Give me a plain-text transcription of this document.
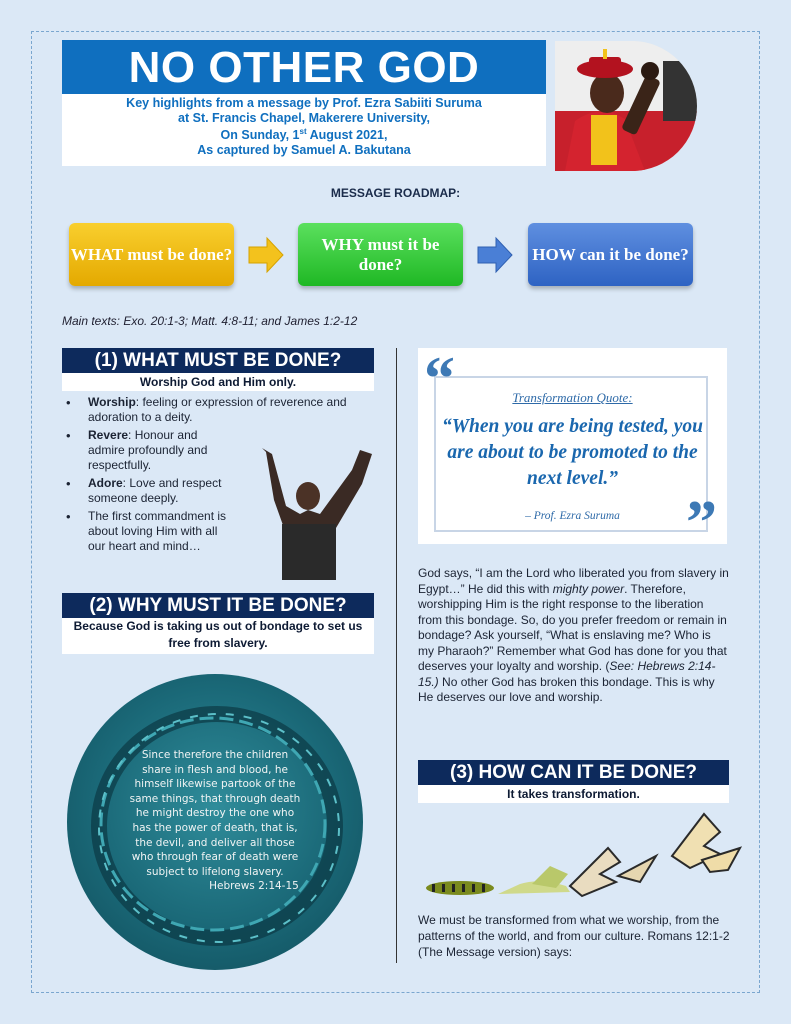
NO OTHER GOD
Key highlights from a message by Prof. Ezra Sabiiti Suruma
at St. Francis Chapel, Makerere University,
On Sunday, 1st August 2021,
As captured by Samuel A. Bakutana
MESSAGE ROADMAP:
WHAT must be done?
WHY must it be done?
HOW can it be done?
Main texts: Exo. 20:1-3; Matt. 4:8-11; and James 1:2-12
(1) WHAT MUST BE DONE?
Worship God and Him only.
• Worship: feeling or expression of reverence and adoration to a deity.
• Revere: Honour and admire profoundly and respectfully.
• Adore: Love and respect someone deeply.
• The first commandment is about loving Him with all our heart and mind…
(2) WHY MUST IT BE DONE?
Because God is taking us out of bondage to set us free from slavery.
Since therefore the children
share in flesh and blood, he
himself likewise partook of the
same things, that through death
he might destroy the one who
has the power of death, that is,
the devil, and deliver all those
who through fear of death were
subject to lifelong slavery.
Hebrews 2:14-15
“	Transformation Quote:
“When you are being tested, you are about to be promoted to the next level.”
– Prof. Ezra Suruma	”
God says, “I am the Lord who liberated you from slavery in Egypt…” He did this with mighty power. Therefore, worshipping Him is the right response to the liberation from this bondage. So, do you prefer freedom or remain in bondage? Ask yourself, “What is enslaving me? Who is my Pharaoh?” Remember what God has done for you that deserves your loyalty and worship. (See: Hebrews 2:14-15.) No other God has broken this bondage. This is why He deserves our love and worship.
(3) HOW CAN IT BE DONE?
It takes transformation.
We must be transformed from what we worship, from the patterns of the world, and from our culture. Romans 12:1-2 (The Message version) says:
